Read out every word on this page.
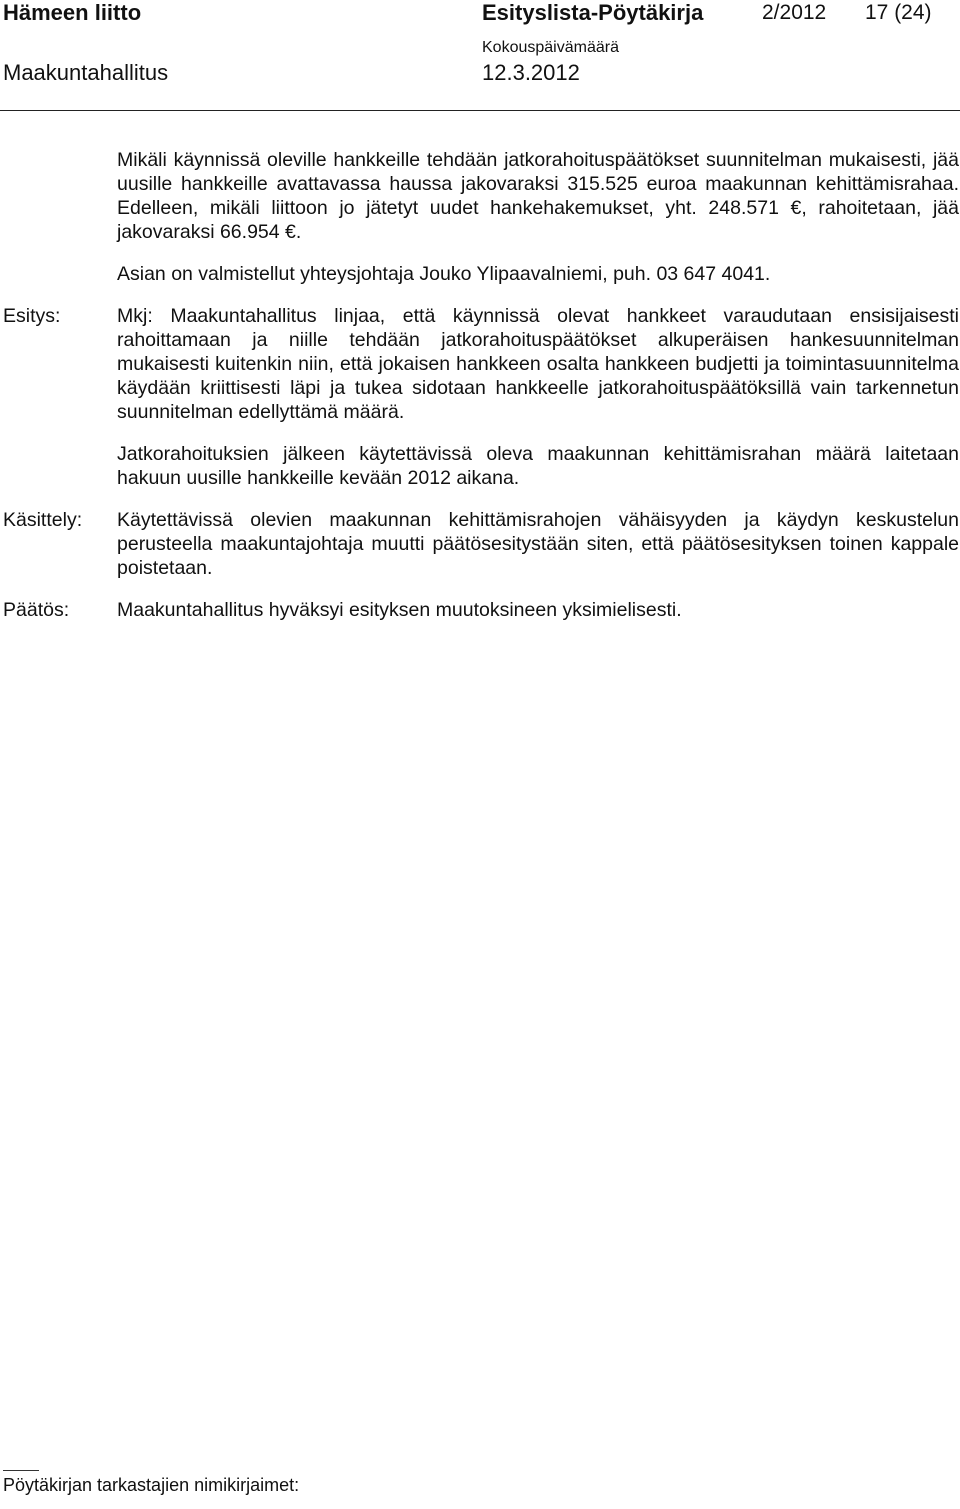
Hämeen liitto	Esityslista-Pöytäkirja	2/2012 17 (24)
Maakuntahallitus
Kokouspäivämäärä
12.3.2012

Mikäli käynnissä oleville hankkeille tehdään jatkorahoituspäätökset suunnitelman mukaisesti, jää uusille hankkeille avattavassa haussa jakovaraksi 315.525 euroa maakunnan kehittämisrahaa. Edelleen, mikäli liittoon jo jätetyt uudet hankehakemukset, yht. 248.571 €, rahoitetaan, jää jakovaraksi 66.954 €.

Asian on valmistellut yhteysjohtaja Jouko Ylipaavalniemi, puh. 03 647 4041.

Esitys:	Mkj: Maakuntahallitus linjaa, että käynnissä olevat hankkeet varaudutaan ensisijaisesti rahoittamaan ja niille tehdään jatkorahoituspäätökset alkuperäisen hankesuunnitelman mukaisesti kuitenkin niin, että jokaisen hankkeen osalta hankkeen budjetti ja toimintasuunnitelma käydään kriittisesti läpi ja tukea sidotaan hankkeelle jatkorahoituspäätöksillä vain tarkennetun suunnitelman edellyttämä määrä.

Jatkorahoituksien jälkeen käytettävissä oleva maakunnan kehittämisrahan määrä laitetaan hakuun uusille hankkeille kevään 2012 aikana.

Käsittely:	Käytettävissä olevien maakunnan kehittämisrahojen vähäisyyden ja käydyn keskustelun perusteella maakuntajohtaja muutti päätösesitystään siten, että päätösesityksen toinen kappale poistetaan.

Päätös:	Maakuntahallitus hyväksyi esityksen muutoksineen yksimielisesti.

Pöytäkirjan tarkastajien nimikirjaimet:
